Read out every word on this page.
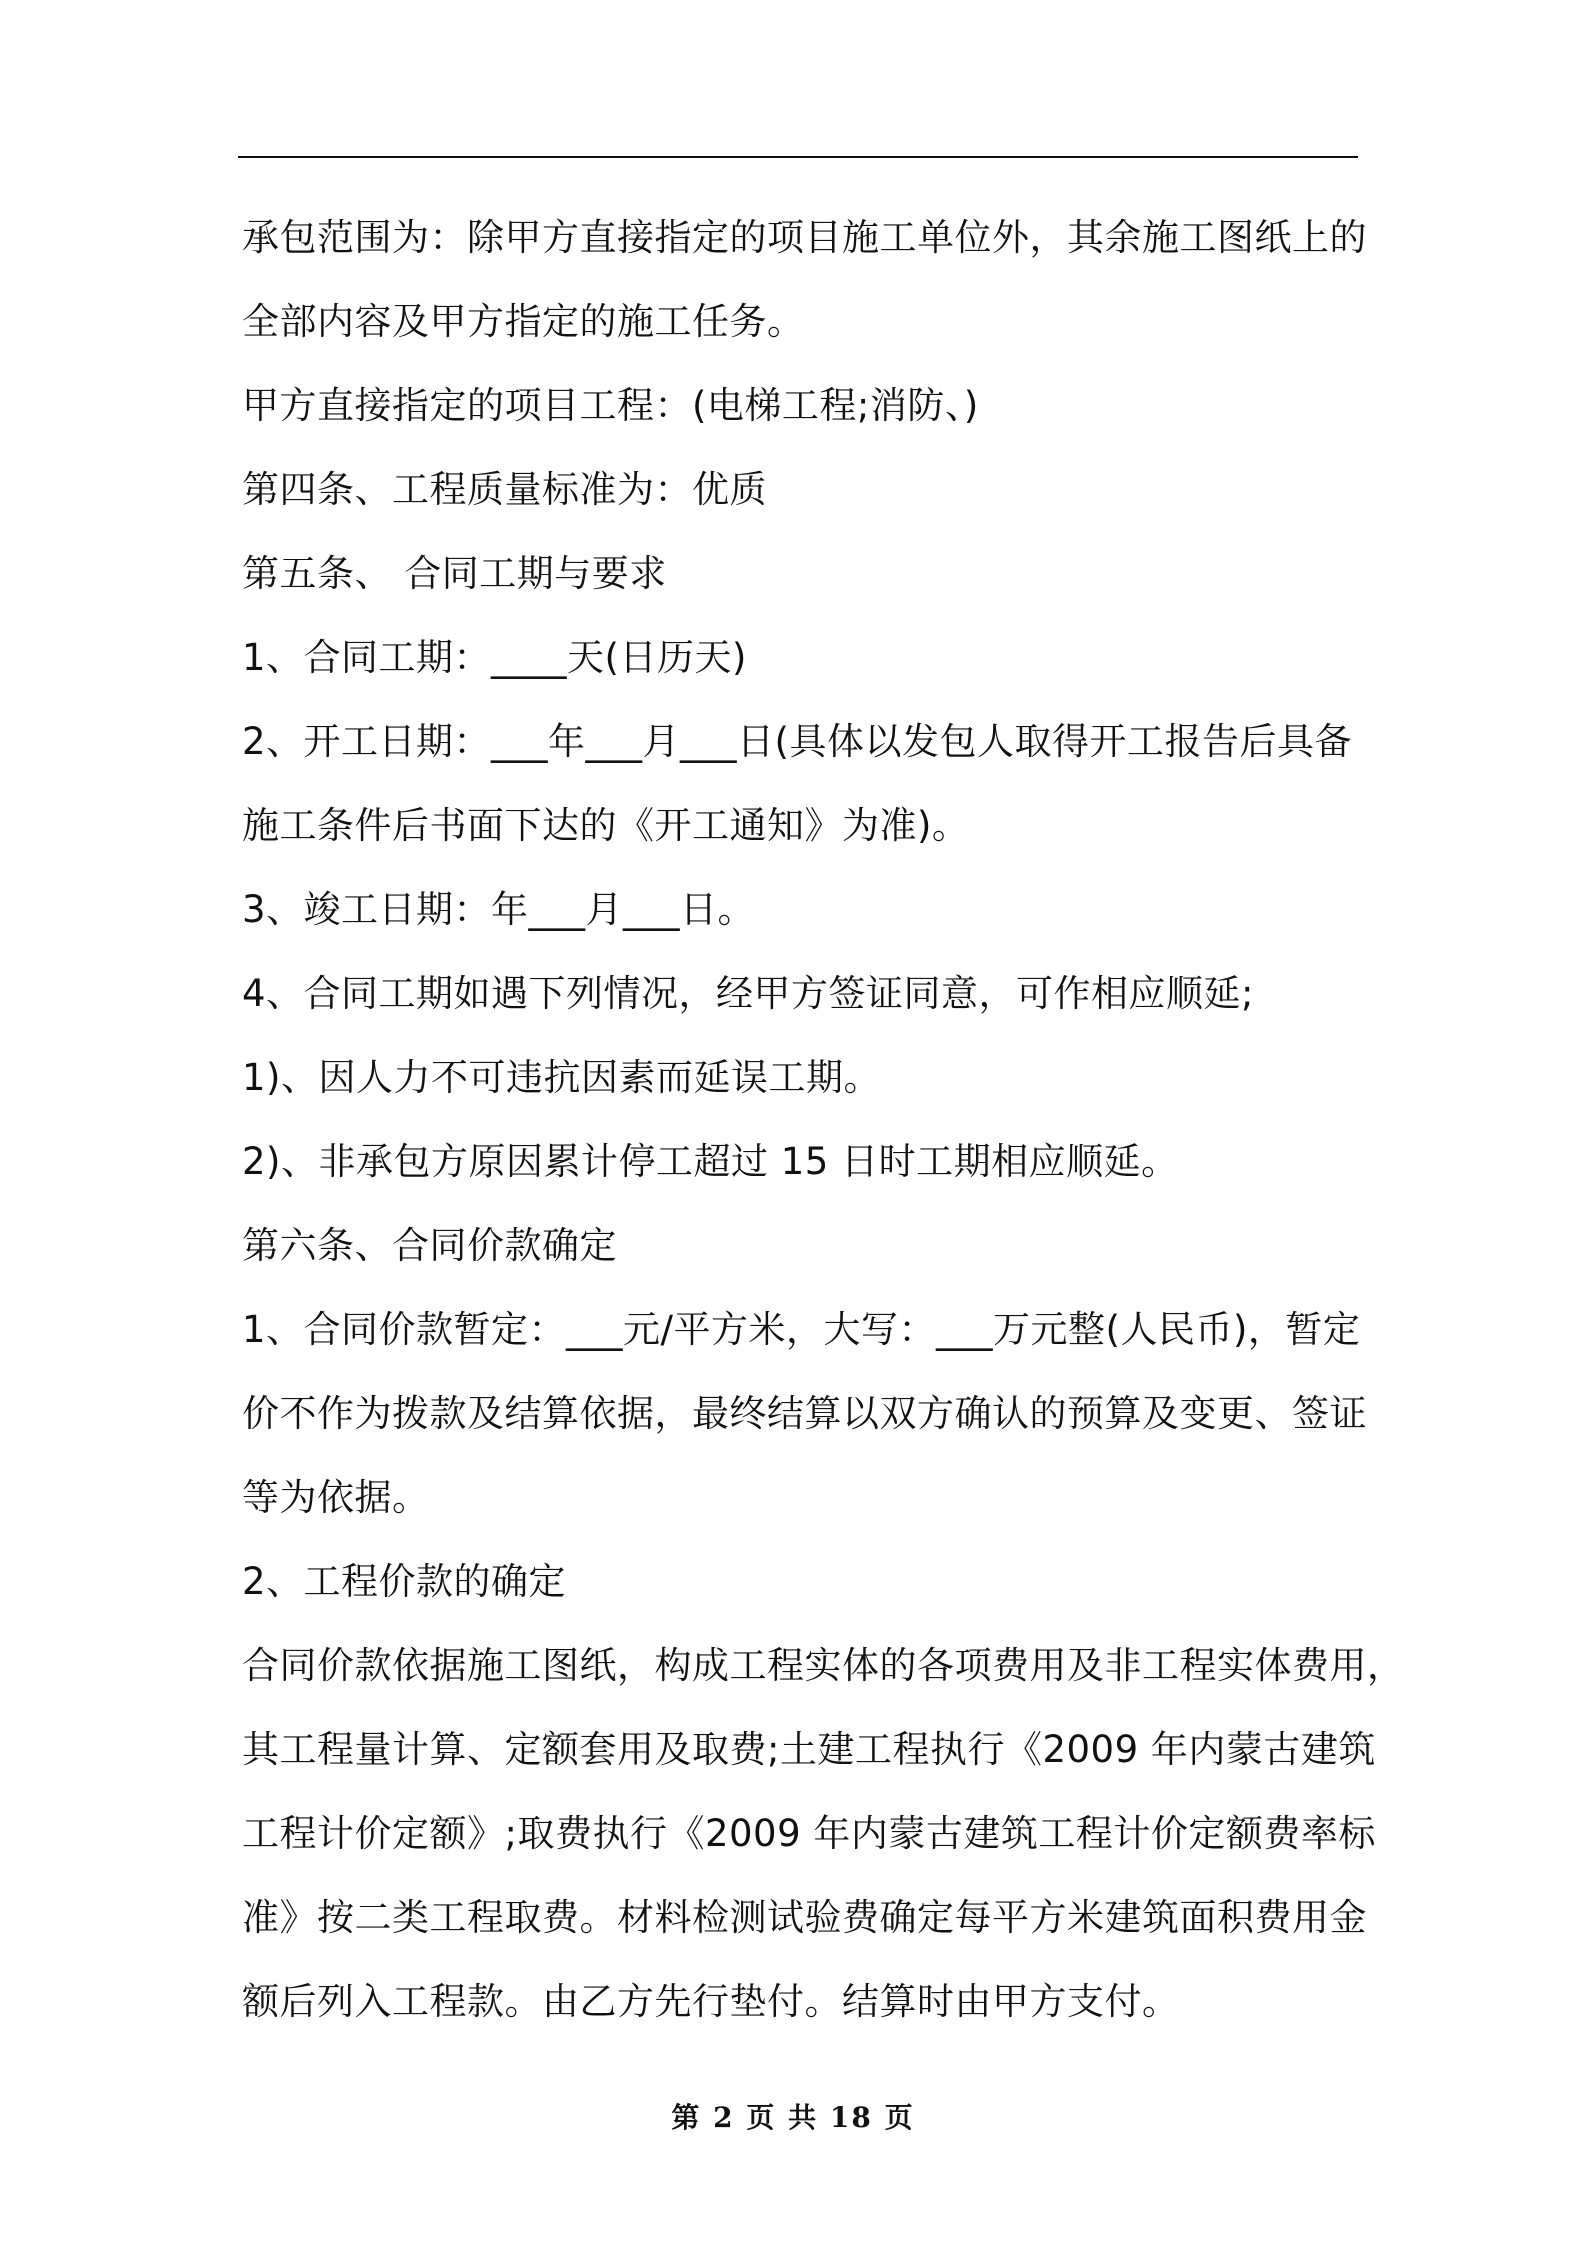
承包范围为：除甲方直接指定的项目施工单位外，其余施工图纸上的
全部内容及甲方指定的施工任务。
甲方直接指定的项目工程：(电梯工程;消防、)
第四条、工程质量标准为：优质
第五条、 合同工期与要求
1、合同工期：____天(日历天)
2、开工日期：___年___月___日(具体以发包人取得开工报告后具备
施工条件后书面下达的《开工通知》为准)。
3、竣工日期：年___月___日。
4、合同工期如遇下列情况，经甲方签证同意，可作相应顺延;
1)、因人力不可违抗因素而延误工期。
2)、非承包方原因累计停工超过 15 日时工期相应顺延。
第六条、合同价款确定
1、合同价款暂定：___元/平方米，大写：___万元整(人民币)，暂定
价不作为拨款及结算依据，最终结算以双方确认的预算及变更、签证
等为依据。
2、工程价款的确定
合同价款依据施工图纸，构成工程实体的各项费用及非工程实体费用，
其工程量计算、定额套用及取费;土建工程执行《2009 年内蒙古建筑
工程计价定额》;取费执行《2009 年内蒙古建筑工程计价定额费率标
准》按二类工程取费。材料检测试验费确定每平方米建筑面积费用金
额后列入工程款。由乙方先行垫付。结算时由甲方支付。
第 2 页 共 18 页
